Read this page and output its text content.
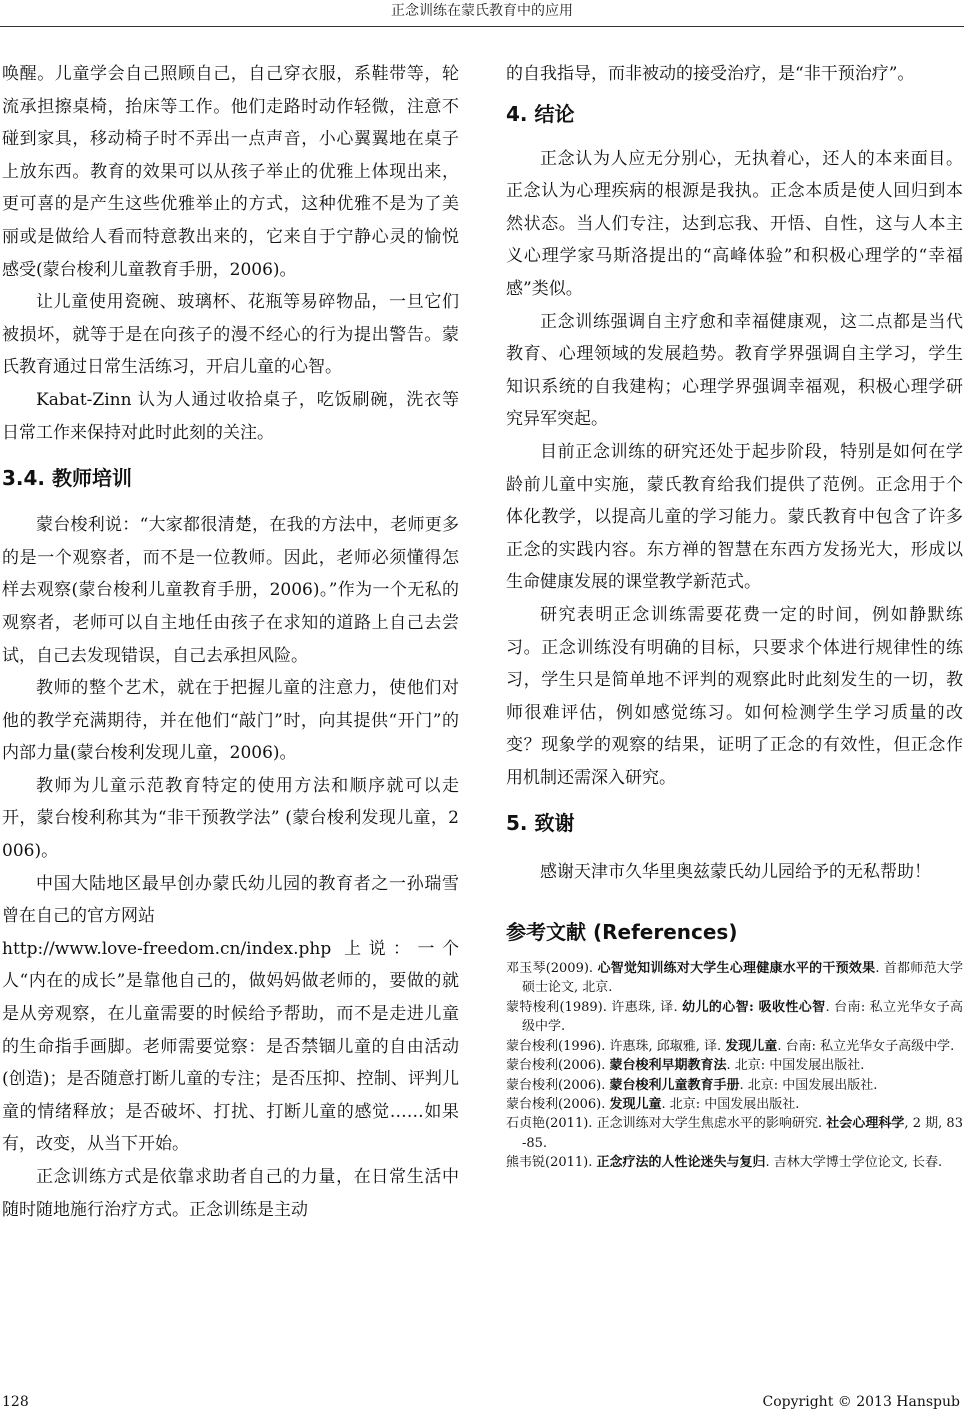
正念训练在蒙氏教育中的应用

唤醒。儿童学会自己照顾自己，自己穿衣服，系鞋带等，轮流承担擦桌椅，抬床等工作。他们走路时动作轻微，注意不碰到家具，移动椅子时不弄出一点声音，小心翼翼地在桌子上放东西。教育的效果可以从孩子举止的优雅上体现出来，更可喜的是产生这些优雅举止的方式，这种优雅不是为了美丽或是做给人看而特意教出来的，它来自于宁静心灵的愉悦感受(蒙台梭利儿童教育手册，2006)。

让儿童使用瓷碗、玻璃杯、花瓶等易碎物品，一旦它们被损坏，就等于是在向孩子的漫不经心的行为提出警告。蒙氏教育通过日常生活练习，开启儿童的心智。

Kabat-Zinn 认为人通过收拾桌子，吃饭刷碗，洗衣等日常工作来保持对此时此刻的关注。

3.4. 教师培训

蒙台梭利说：“大家都很清楚，在我的方法中，老师更多的是一个观察者，而不是一位教师。因此，老师必须懂得怎样去观察(蒙台梭利儿童教育手册，2006)。”作为一个无私的观察者，老师可以自主地任由孩子在求知的道路上自己去尝试，自己去发现错误，自己去承担风险。

教师的整个艺术，就在于把握儿童的注意力，使他们对他的教学充满期待，并在他们“敲门”时，向其提供“开门”的内部力量(蒙台梭利发现儿童，2006)。

教师为儿童示范教育特定的使用方法和顺序就可以走开，蒙台梭利称其为“非干预教学法” (蒙台梭利发现儿童，2006)。

中国大陆地区最早创办蒙氏幼儿园的教育者之一孙瑞雪曾在自己的官方网站

http://www.love-freedom.cn/index.php 上说：一个人“内在的成长”是靠他自己的，做妈妈做老师的，要做的就是从旁观察，在儿童需要的时候给予帮助，而不是走进儿童的生命指手画脚。老师需要觉察：是否禁锢儿童的自由活动(创造)；是否随意打断儿童的专注；是否压抑、控制、评判儿童的情绪释放；是否破坏、打扰、打断儿童的感觉……如果有，改变，从当下开始。

正念训练方式是依靠求助者自己的力量，在日常生活中随时随地施行治疗方式。正念训练是主动

的自我指导，而非被动的接受治疗，是“非干预治疗”。

4. 结论

正念认为人应无分别心，无执着心，还人的本来面目。正念认为心理疾病的根源是我执。正念本质是使人回归到本然状态。当人们专注，达到忘我、开悟、自性，这与人本主义心理学家马斯洛提出的“高峰体验”和积极心理学的“幸福感”类似。

正念训练强调自主疗愈和幸福健康观，这二点都是当代教育、心理领域的发展趋势。教育学界强调自主学习，学生知识系统的自我建构；心理学界强调幸福观，积极心理学研究异军突起。

目前正念训练的研究还处于起步阶段，特别是如何在学龄前儿童中实施，蒙氏教育给我们提供了范例。正念用于个体化教学，以提高儿童的学习能力。蒙氏教育中包含了许多正念的实践内容。东方禅的智慧在东西方发扬光大，形成以生命健康发展的课堂教学新范式。

研究表明正念训练需要花费一定的时间，例如静默练习。正念训练没有明确的目标，只要求个体进行规律性的练习，学生只是简单地不评判的观察此时此刻发生的一切，教师很难评估，例如感觉练习。如何检测学生学习质量的改变？现象学的观察的结果，证明了正念的有效性，但正念作用机制还需深入研究。

5. 致谢

感谢天津市久华里奥兹蒙氏幼儿园给予的无私帮助！

参考文献 (References)
邓玉琴(2009). 心智觉知训练对大学生心理健康水平的干预效果. 首都师范大学硕士论文, 北京.
蒙特梭利(1989). 许惠珠, 译. 幼儿的心智: 吸收性心智. 台南: 私立光华女子高级中学.
蒙台梭利(1996). 许惠珠, 邱琡雅, 译. 发现儿童. 台南: 私立光华女子高级中学.
蒙台梭利(2006). 蒙台梭利早期教育法. 北京: 中国发展出版社.
蒙台梭利(2006). 蒙台梭利儿童教育手册. 北京: 中国发展出版社.
蒙台梭利(2006). 发现儿童. 北京: 中国发展出版社.
石贞艳(2011). 正念训练对大学生焦虑水平的影响研究. 社会心理科学, 2 期, 83-85.
熊韦锐(2011). 正念疗法的人性论迷失与复归. 吉林大学博士学位论文, 长春.
128	Copyright © 2013 Hanspub
